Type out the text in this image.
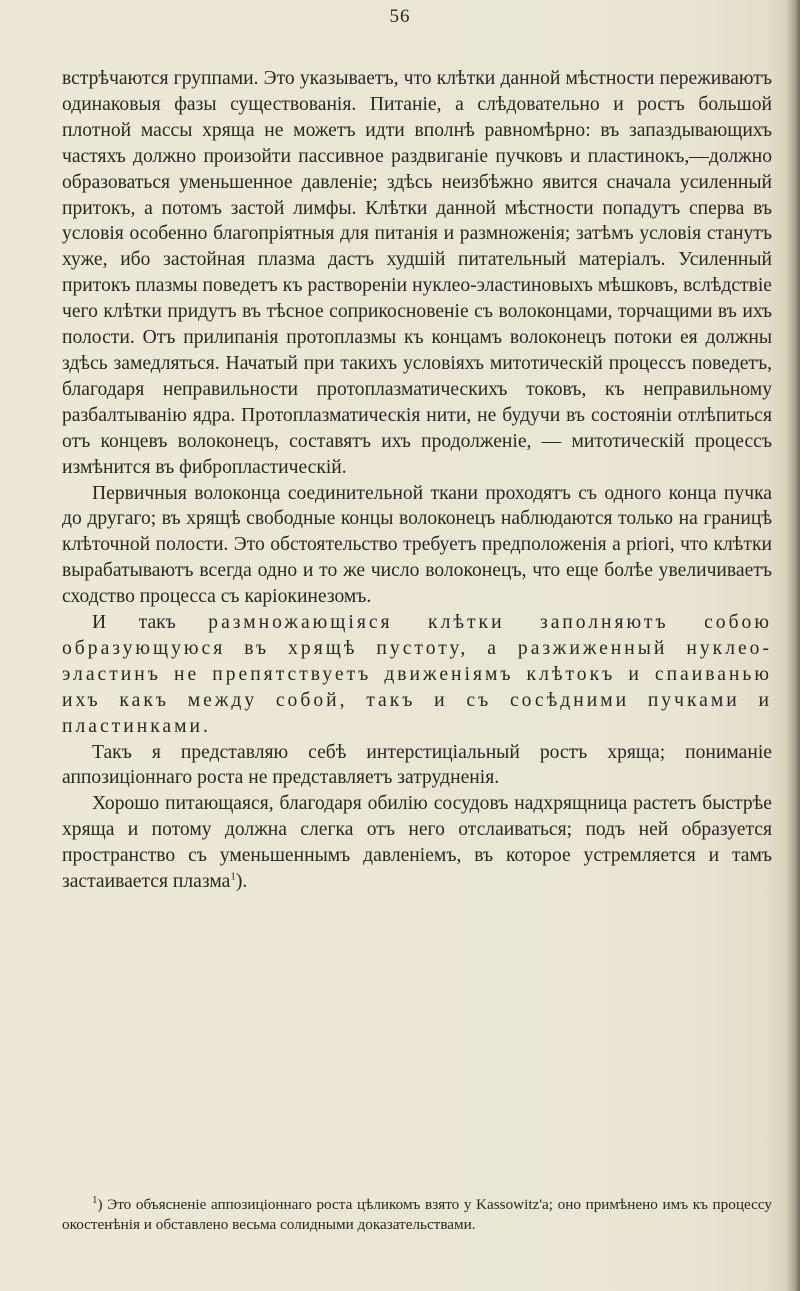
56

встрѣчаются группами. Это указываетъ, что клѣтки данной мѣстности переживаютъ одинаковыя фазы существованія. Питаніе, а слѣдовательно и ростъ большой плотной массы хряща не можетъ идти вполнѣ равномѣрно: въ запаздывающихъ частяхъ должно произойти пассивное раздвиганіе пучковъ и пластинокъ,—должно образоваться уменьшенное давленіе; здѣсь неизбѣжно явится сначала усиленный притокъ, а потомъ застой лимфы. Клѣтки данной мѣстности попадутъ сперва въ условія особенно благопріятныя для питанія и размноженія; затѣмъ условія станутъ хуже, ибо застойная плазма дастъ худшій питательный матеріалъ. Усиленный притокъ плазмы поведетъ къ раствореніи нуклео-эластиновыхъ мѣшковъ, вслѣдствіе чего клѣтки придутъ въ тѣсное соприкосновеніе съ волоконцами, торчащими въ ихъ полости. Отъ прилипанія протоплазмы къ концамъ волоконецъ потоки ея должны здѣсь замедляться. Начатый при такихъ условіяхъ митотическій процессъ поведетъ, благодаря неправильности протоплазматическихъ токовъ, къ неправильному разбалтыванію ядра. Протоплазматическія нити, не будучи въ состояніи отлѣпиться отъ концевъ волоконецъ, составятъ ихъ продолженіе, — митотическій процессъ измѣнится въ фибропластическій.

Первичныя волоконца соединительной ткани проходятъ съ одного конца пучка до другаго; въ хрящѣ свободные концы волоконецъ наблюдаются только на границѣ клѣточной полости. Это обстоятельство требуетъ предположенія a priori, что клѣтки вырабатываютъ всегда одно и то же число волоконецъ, что еще болѣе увеличиваетъ сходство процесса съ каріокинезомъ.

И такъ размножающіяся клѣтки заполняютъ собою образующуюся въ хрящѣ пустоту, а разжиженный нуклео-эластинъ не препятствуетъ движеніямъ клѣтокъ и спаиванью ихъ какъ между собой, такъ и съ сосѣдними пучками и пластинками.

Такъ я представляю себѣ интерстиціальный ростъ хряща; пониманіе аппозиціоннаго роста не представляетъ затрудненія.

Хорошо питающаяся, благодаря обилію сосудовъ надхрящница растетъ быстрѣе хряща и потому должна слегка отъ него отслаиваться; подъ ней образуется пространство съ уменьшеннымъ давленіемъ, въ которое устремляется и тамъ застаивается плазма$^1$).

$^1$) Это объясненіе аппозиціоннаго роста цѣликомъ взято у Kassowitz'а; оно примѣнено имъ къ процессу окостенѣнія и обставлено весьма солидными доказательствами.
